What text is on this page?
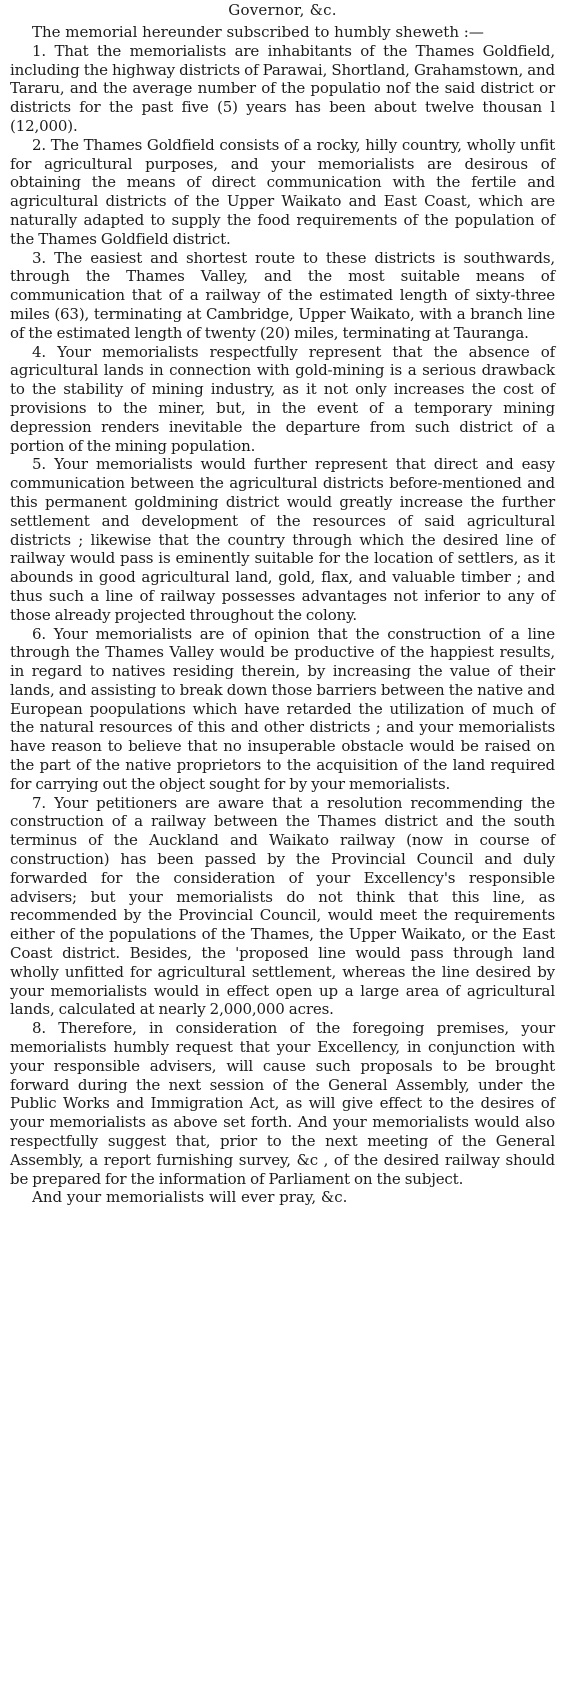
Governor, &c.

The memorial hereunder subscribed to humbly sheweth :—

1. That the memorialists are inhabitants of the Thames Goldfield, including the highway districts of Parawai, Shortland, Grahamstown, and Tararu, and the average number of the populatio nof the said district or districts for the past five (5) years has been about twelve thousan l (12,000).

2. The Thames Goldfield consists of a rocky, hilly country, wholly unfit for agricultural purposes, and your memorialists are desirous of obtaining the means of direct communication with the fertile and agricultural districts of the Upper Waikato and East Coast, which are naturally adapted to supply the food requirements of the population of the Thames Goldfield district.

3. The easiest and shortest route to these districts is southwards, through the Thames Valley, and the most suitable means of communication that of a railway of the estimated length of sixty-three miles (63), terminating at Cambridge, Upper Waikato, with a branch line of the estimated length of twenty (20) miles, terminating at Tauranga.

4. Your memorialists respectfully represent that the absence of agricultural lands in connection with gold-mining is a serious drawback to the stability of mining industry, as it not only increases the cost of provisions to the miner, but, in the event of a temporary mining depression renders inevitable the departure from such district of a portion of the mining population.

5. Your memorialists would further represent that direct and easy communication between the agricultural districts before-mentioned and this permanent goldmining district would greatly increase the further settlement and development of the resources of said agricultural districts ; likewise that the country through which the desired line of railway would pass is eminently suitable for the location of settlers, as it abounds in good agricultural land, gold, flax, and valuable timber ; and thus such a line of railway possesses advantages not inferior to any of those already projected throughout the colony.

6. Your memorialists are of opinion that the construction of a line through the Thames Valley would be productive of the happiest results, in regard to natives residing therein, by increasing the value of their lands, and assisting to break down those barriers between the native and European poopulations which have retarded the utilization of much of the natural resources of this and other districts ; and your memorialists have reason to believe that no insuperable obstacle would be raised on the part of the native proprietors to the acquisition of the land required for carrying out the object sought for by your memorialists.

7. Your petitioners are aware that a resolution recommending the construction of a railway between the Thames district and the south terminus of the Auckland and Waikato railway (now in course of construction) has been passed by the Provincial Council and duly forwarded for the consideration of your Excellency's responsible advisers; but your memorialists do not think that this line, as recommended by the Provincial Council, would meet the requirements either of the populations of the Thames, the Upper Waikato, or the East Coast district. Besides, the 'proposed line would pass through land wholly unfitted for agricultural settlement, whereas the line desired by your memorialists would in effect open up a large area of agricultural lands, calculated at nearly 2,000,000 acres.

8. Therefore, in consideration of the foregoing premises, your memorialists humbly request that your Excellency, in conjunction with your responsible advisers, will cause such proposals to be brought forward during the next session of the General Assembly, under the Public Works and Immigration Act, as will give effect to the desires of your memorialists as above set forth. And your memorialists would also respectfully suggest that, prior to the next meeting of the General Assembly, a report furnishing survey, &c , of the desired railway should be prepared for the information of Parliament on the subject.

And your memorialists will ever pray, &c.
